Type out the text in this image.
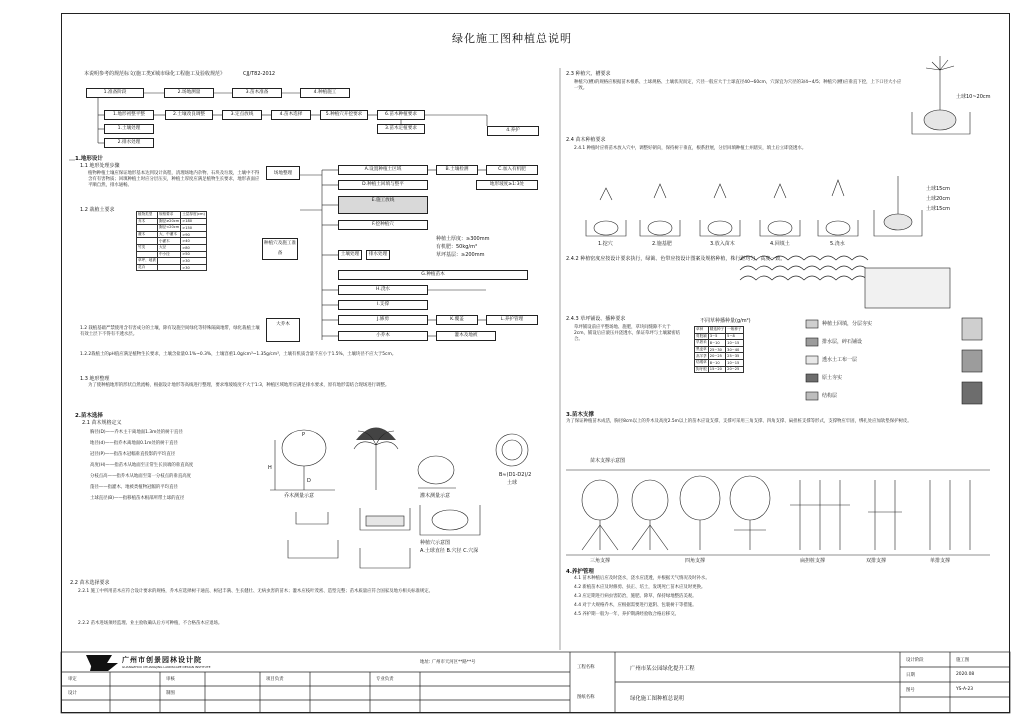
绿化施工图种植总说明
本说明参考的规范标文(施工类):
《城市绿化工程施工及验收规范》	CJJ/T82-2012
1.准备阶段	2.场地测量	3.苗木准备	4.种植施工
1.地形初整平整	2.土壤改良调整	3.定点放线	4.苗木选择	5.种植穴开挖要求	6.苗木种植要求
1.土壤处理
2.排水处理
3.苗木定植要求	4.养护
1.地形设计
1.1 地形处理步骤
植物种植土壤应保证地形基本达到设计高程，清理场地内杂物、石块及垃圾，土壤中不得含有有害物质；回填种植土时应分层压实，种植土厚度应满足植物生长要求，地形表面应平顺自然，排水通畅。
1.2 栽植土要求
植物类型	规格要求	土层厚度(cm)
乔木	胸径≥20cm	>180
	胸径<20cm	>150
灌木	大、中灌木	>90
	小灌木	>40
竹类	大径	>80
	中小径	>50
草坪、地被		>30
花卉		>30
1.2 栽植基础严禁使用含有害成分的土壤，除有设施空间绿化等特殊隔离地带，绿化栽植土壤有效土层下不得有不透水层。
1.2.2栽植土的pH值应满足植物生长要求，土壤含盐量0.1%~0.3%，土壤容重1.0g/cm³~1.35g/cm³，土壤有机质含量不应小于1.5%，土壤块径不应大于5cm。
1.3 地形整理
为了使种植地形的形状自然流畅，根据设计地形等高线进行整理，要求堆坡坡度不大于1:3，种植区域地形应满足排水要求，原有地形需结合现场进行调整。
2.苗木选择
2.1 苗木规格定义
胸径(D)——乔木主干离地面1.3m处的树干直径
地径(d)——指乔木离地面0.1m处的树干直径
冠径(P)——指苗木冠幅垂直投影的平均直径
高度(H)——指苗木从地面至正常生长顶端的垂直高度
分枝点高——指乔木从地面至第一分枝点的垂直高度
蓬径——指灌木、地被类植物冠幅的平均直径
土球直径(B)——指移植苗木根部所带土球的直径
2.2 苗木选择要求
2.2.1 施工中所用苗木应符合设计要求的规格，乔木应选择树干通直、树冠丰满、生长健壮、无病虫害的苗木；灌木应枝叶茂密、造型完整；苗木质量应符合国家及地方相关标准规定。
2.2.2 苗木进场须经监理、业主验收确认后方可种植，不合格苗木应退场。
场地整理
种植穴及施工准备
大乔木
A.设置种植土区域	B.土壤检测	C.加入有机肥
D.种植土回填与整平	地形坡度≥1:3处
E.施工放线
F.挖种植穴
种植土厚度：≥300mm
有机肥：50kg/m³
草坪基层：≥200mm
土壤处理	排水处理
G.种植苗木
H.浇水
I.支撑
J.修剪	K.覆盖	L.养护管理
小乔木	灌木及地被
乔木测量示意	灌木测量示意
B≈(D1-D2)/2
土球
H
P
D
种植穴示意图
A.土球直径 B.穴径 C.穴深
2.3 种植穴、槽要求
种植穴(槽)的规格应根据苗木根系、土球规格、土壤状况而定，穴径一般应大于土球直径40~60cm，穴深宜为穴径的3/4~4/5；种植穴(槽)应垂直下挖，上下口径大小应一致。
土球10~20cm
土球15cm
土球20cm
土球15cm
2.4 苗木种植要求
2.4.1 种植时应将苗木放入穴中，调整好朝向，保持树干垂直，根系舒展，分层回填种植土并踏实，填土后立即浇透水。
1.挖穴	2.施基肥	3.放入苗木	4.回填土	5.浇水
2.4.2 种植密度应按设计要求执行，绿篱、色带应按设计图案及规格种植，株行距均匀，高度一致。
2.4.3 草坪铺设、播种要求
草坪铺设前应平整场地、施肥，草块间缝隙不大于2cm，铺设后应滚压并浇透水，保证草坪与土壤紧密结合。
不同草种播种量(g/m²)
草种	精选种子	一般种子
剪股颖	3~5	5~8
早熟禾	8~10	10~15
黑麦草	25~30	30~40
高羊茅	20~25	25~35
结缕草	8~10	10~15
狗牙根	15~20	20~25
种植土回填，分层夯实
排水层，碎石铺设
透水土工布一层
原土夯实
结构层
3.苗木支撑
为了保证种植苗木成活，胸径8cm以上的乔木及高度2.5m以上的苗木应设支撑，支撑可采用三角支撑、四角支撑、扁担桩支撑等形式，支撑物应牢固，绑扎处应加软垫保护树皮。
苗木支撑示意图
三角支撑	四角支撑	扁担桩支撑	双排支撑	单排支撑
4.养护管理
4.1 苗木种植后应及时浇水，浇水应浇透，并根据天气情况及时补水。
4.2 新植苗木应及时修剪、扶正、培土，发现死亡苗木应及时更换。
4.3 应定期进行病虫害防治，施肥、除草，保持绿地整洁美观。
4.4 对于大规格乔木，应根据需要进行遮阴、包裹树干等措施。
4.5 养护期一般为一年，养护期满经验收合格后移交。
广州市创景园林设计院
GUANGZHOU CHUANGJING LANDSCAPE DESIGN INSTITUTE
地址: 广州市天河区**路**号
审定	审核	项目负责	专业负责
设计	制图
工程名称
图纸名称
广州市某公园绿化提升工程
绿化施工图种植总说明
设计阶段	施工图
日期	2020.08
图号	YS-A-23
